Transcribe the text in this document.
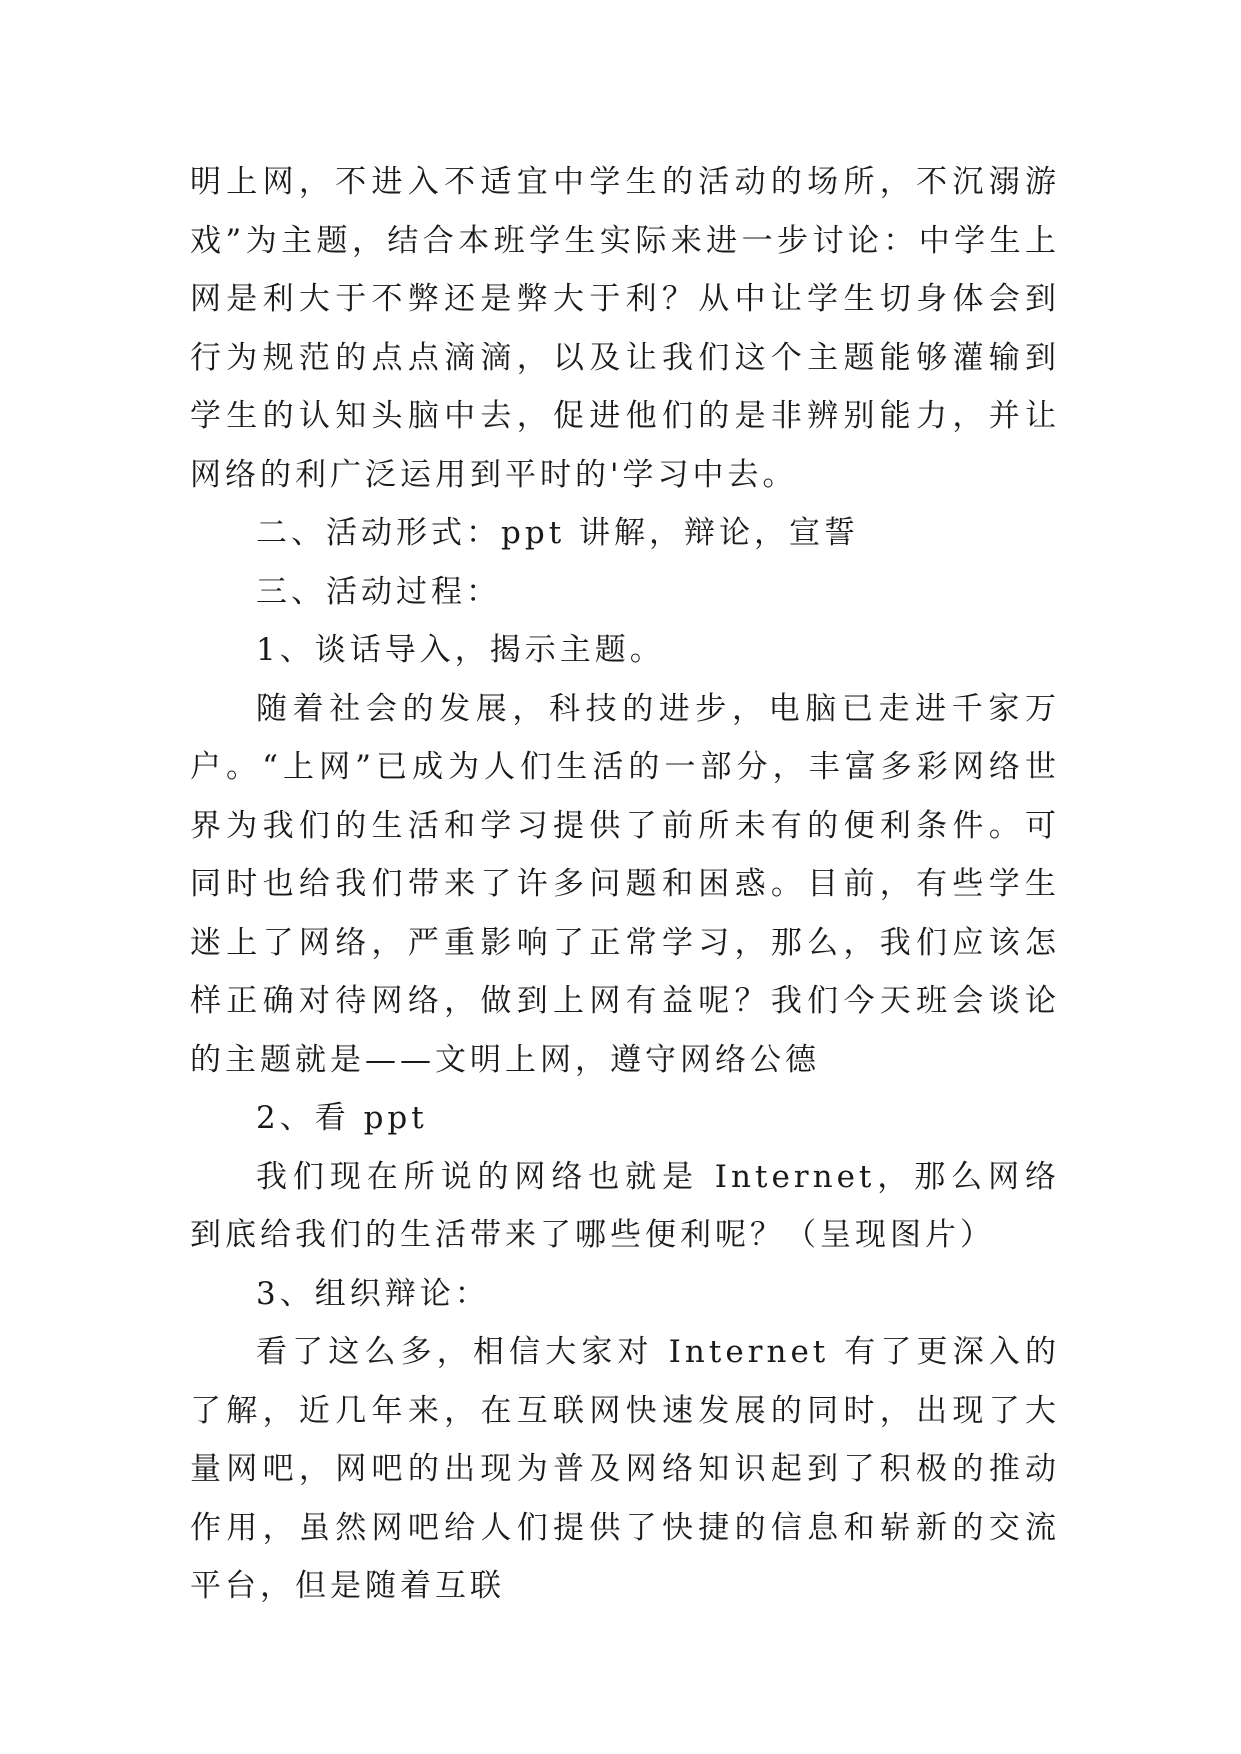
明上网，不进入不适宜中学生的活动的场所，不沉溺游戏”为主题，结合本班学生实际来进一步讨论：中学生上网是利大于不弊还是弊大于利？从中让学生切身体会到行为规范的点点滴滴，以及让我们这个主题能够灌输到学生的认知头脑中去，促进他们的是非辨别能力，并让网络的利广泛运用到平时的'学习中去。

二、活动形式：ppt 讲解，辩论，宣誓

三、活动过程：

1、谈话导入，揭示主题。

随着社会的发展，科技的进步，电脑已走进千家万户。“上网”已成为人们生活的一部分，丰富多彩网络世界为我们的生活和学习提供了前所未有的便利条件。可同时也给我们带来了许多问题和困惑。目前，有些学生迷上了网络，严重影响了正常学习，那么，我们应该怎样正确对待网络，做到上网有益呢？我们今天班会谈论的主题就是——文明上网，遵守网络公德

2、看 ppt

我们现在所说的网络也就是 Internet，那么网络到底给我们的生活带来了哪些便利呢？（呈现图片）

3、组织辩论：

看了这么多，相信大家对 Internet 有了更深入的了解，近几年来，在互联网快速发展的同时，出现了大量网吧，网吧的出现为普及网络知识起到了积极的推动作用，虽然网吧给人们提供了快捷的信息和崭新的交流平台，但是随着互联
